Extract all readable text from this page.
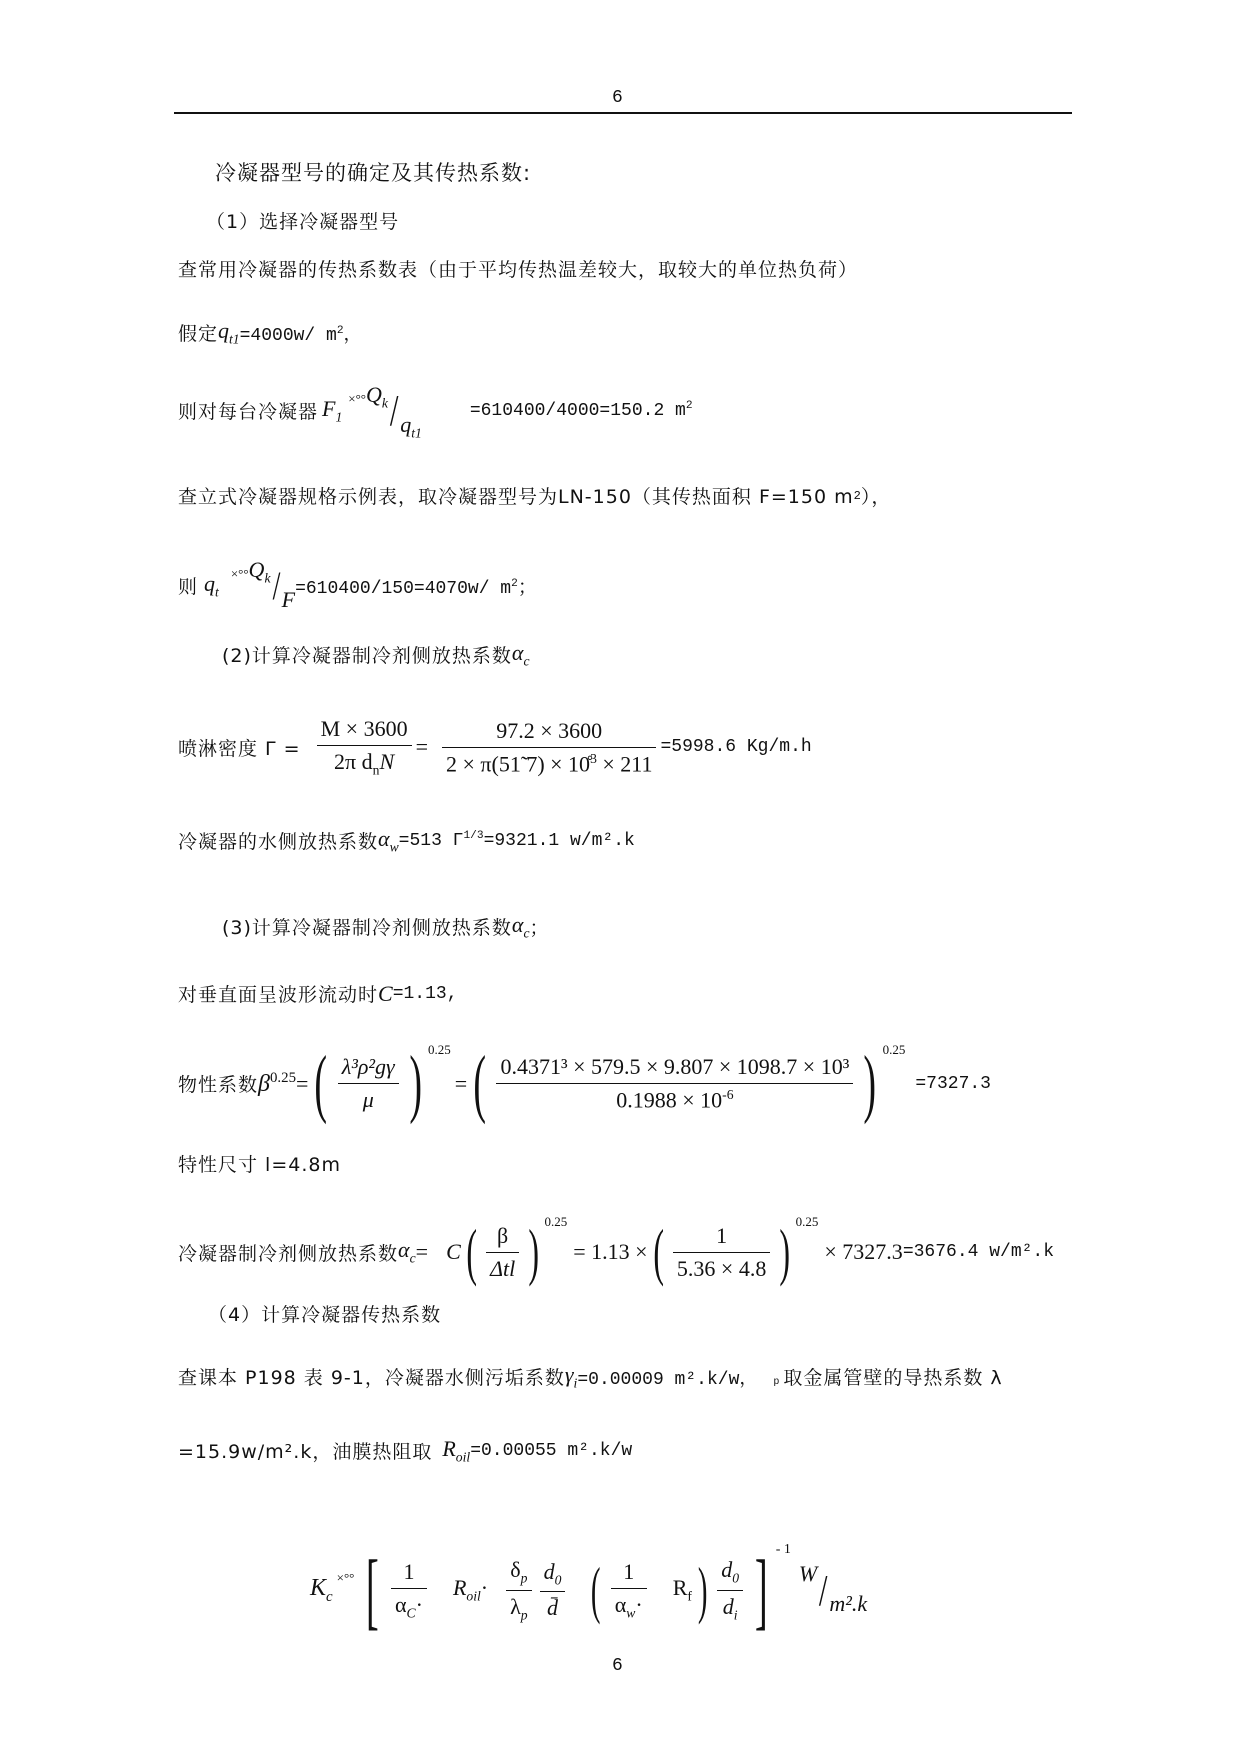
6
冷凝器型号的确定及其传热系数:
（1）选择冷凝器型号
查常用冷凝器的传热系数表（由于平均传热温差较大，取较大的单位热负荷）
假定 $q_{t1} =4000w/$ $m^2$，
则对每台冷凝器 $F_1$
×°° $Q_k / q_{t1}$
=610400/4000=150.2 $m^2$
查立式冷凝器规格示例表，取冷凝器型号为LN-150（其传热面积 F=150 m 2 ），
则 $q_t$
×°° $Q_k / F =610400/150=4070w/$ $m^2$；
(2)计算冷凝器制冷剂侧放热系数 $\alpha_c$
喷淋密度 $\Gamma = \frac{M \times 3600}{2\pi d_nN} = \frac{97.2 \times 3600}{2 \times \pi(51̃ 7) \times 10̊^3 \times 211} =5998.6$ Kg/m.h
冷凝器的水侧放热系数 $\alpha_w =513$ $\Gamma^{1/3}=9321.1$ w/m².k
(3)计算冷凝器制冷剂侧放热系数 $\alpha_c$ ；
对垂直面呈波形流动时 C =1.13,
物性系数 $\beta^{0.25}$ = ( $\frac{\text{λ³ρ²gγ}}{\mu}$ ) 0.25
= ( $\frac{\text{0.4371³ × 579.5 × 9.807 × 1098.7 × 10³}}{0.1988 \times 10^{-6}}$ ) 0.25
=7327.3
特性尺寸 l=4.8m
冷凝器制冷剂侧放热系数 $\alpha_c = C$ ( $\frac{\beta}{\text{Δtl}}$ ) 0.25
= 1.13 × ( $\frac{1}{5.36 \times 4.8}$ ) 0.25
× 7327.3 =3676.4 w/m².k
（4）计算冷凝器传热系数
查课本 P198 表 9-1，冷凝器水侧污垢系数 $\gamma_i =0.00009$ m².k/w， p 取金属管壁的导热系数 λ
=15.9w/m².k，油膜热阻取 $R_{oil} =0.00055$ m².k/w
$K_c$
×°° [ $\frac{1}{\alpha_C\cdot} R_{oil}\cdot \frac{\delta_p}{\lambda_p} \frac{d_0}{d̄}$ ( $\frac{1}{\alpha_w\cdot} R_f$ ) $\frac{d_0}{d_i}$ ] - 1
W / m².k
6
